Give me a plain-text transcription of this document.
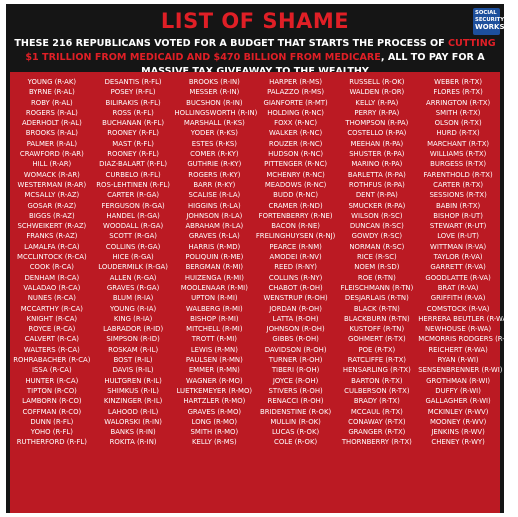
LIST OF SHAME	SOCIAL
SECURITY
WORKS.
THESE 216 REPUBLICANS VOTED FOR A BUDGET THAT STARTS THE PROCESS OF CUTTING $1 TRILLION FROM MEDICAID AND $470 BILLION FROM MEDICARE, ALL TO PAY FOR A
YOUNG (R-AK)
BYRNE (R-AL)
ROBY (R-AL)
ROGERS (R-AL)
ADERHOLT (R-AL)
BROOKS (R-AL)
PALMER (R-AL)
CRAWFORD (R-AR)
HILL (R-AR)
WOMACK (R-AR)
WESTERMAN (R-AR)
MCSALLY (R-AZ)
GOSAR (R-AZ)
BIGGS (R-AZ)
SCHWEIKERT (R-AZ)
FRANKS (R-AZ)
LAMALFA (R-CA)
MCCLINTOCK (R-CA)
COOK (R-CA)
DENHAM (R-CA)
VALADAO (R-CA)
NUNES (R-CA)
MCCARTHY (R-CA)
KNIGHT (R-CA)
ROYCE (R-CA)
CALVERT (R-CA)
WALTERS (R-CA)
ROHRABACHER (R-CA)
ISSA (R-CA)
HUNTER (R-CA)
TIPTON (R-CO)
LAMBORN (R-CO)
COFFMAN (R-CO)
DUNN (R-FL)
YOHO (R-FL)
RUTHERFORD (R-FL)
DESANTIS (R-FL)
POSEY (R-FL)
BILIRAKIS (R-FL)
ROSS (R-FL)
BUCHANAN (R-FL)
ROONEY (R-FL)
MAST (R-FL)
ROONEY (R-FL)
DIAZ-BALART (R-FL)
CURBELO (R-FL)
ROS-LEHTINEN (R-FL)
CARTER (R-GA)
FERGUSON (R-GA)
HANDEL (R-GA)
WOODALL (R-GA)
SCOTT (R-GA)
COLLINS (R-GA)
HICE (R-GA)
LOUDERMILK (R-GA)
ALLEN (R-GA)
GRAVES (R-GA)
BLUM (R-IA)
YOUNG (R-IA)
KING (R-IA)
LABRADOR (R-ID)
SIMPSON (R-ID)
ROSKAM (R-IL)
BOST (R-IL)
DAVIS (R-IL)
HULTGREN (R-IL)
SHIMKUS (R-IL)
KINZINGER (R-IL)
LAHOOD (R-IL)
WALORSKI (R-IN)
BANKS (R-IN)
ROKITA (R-IN)
BROOKS (R-IN)
MESSER (R-IN)
BUCSHON (R-IN)
HOLLINGSWORTH (R-IN)
MARSHALL (R-KS)
YODER (R-KS)
ESTES (R-KS)
COMER (R-KY)
GUTHRIE (R-KY)
ROGERS (R-KY)
BARR (R-KY)
SCALISE (R-LA)
HIGGINS (R-LA)
JOHNSON (R-LA)
ABRAHAM (R-LA)
GRAVES (R-LA)
HARRIS (R-MD)
POLIQUIN (R-ME)
BERGMAN (R-MI)
HUIZENGA (R-MI)
MOOLENAAR (R-MI)
UPTON (R-MI)
WALBERG (R-MI)
BISHOP (R-MI)
MITCHELL (R-MI)
TROTT (R-MI)
LEWIS (R-MN)
PAULSEN (R-MN)
EMMER (R-MN)
WAGNER (R-MO)
LUETKEMEYER (R-MO)
HARTZLER (R-MO)
GRAVES (R-MO)
LONG (R-MO)
SMITH (R-MO)
KELLY (R-MS)
HARPER (R-MS)
PALAZZO (R-MS)
GIANFORTE (R-MT)
HOLDING (R-NC)
FOXX (R-NC)
WALKER (R-NC)
ROUZER (R-NC)
HUDSON (R-NC)
PITTENGER (R-NC)
MCHENRY (R-NC)
MEADOWS (R-NC)
BUDD (R-NC)
CRAMER (R-ND)
FORTENBERRY (R-NE)
BACON (R-NE)
FRELINGHUYSEN (R-NJ)
PEARCE (R-NM)
AMODEI (R-NV)
REED (R-NY)
COLLINS (R-NY)
CHABOT (R-OH)
WENSTRUP (R-OH)
JORDAN (R-OH)
LATTA (R-OH)
JOHNSON (R-OH)
GIBBS (R-OH)
DAVIDSON (R-OH)
TURNER (R-OH)
TIBERI (R-OH)
JOYCE (R-OH)
STIVERS (R-OH)
RENACCI (R-OH)
BRIDENSTINE (R-OK)
MULLIN (R-OK)
LUCAS (R-OK)
COLE (R-OK)
RUSSELL (R-OK)
WALDEN (R-OR)
KELLY (R-PA)
PERRY (R-PA)
THOMPSON (R-PA)
COSTELLO (R-PA)
MEEHAN (R-PA)
SHUSTER (R-PA)
MARINO (R-PA)
BARLETTA (R-PA)
ROTHFUS (R-PA)
DENT (R-PA)
SMUCKER (R-PA)
WILSON (R-SC)
DUNCAN (R-SC)
GOWDY (R-SC)
NORMAN (R-SC)
RICE (R-SC)
NOEM (R-SD)
ROE (R-TN)
FLEISCHMANN (R-TN)
DESJARLAIS (R-TN)
BLACK (R-TN)
BLACKBURN (R-TN)
KUSTOFF (R-TN)
GOHMERT (R-TX)
POE (R-TX)
RATCLIFFE (R-TX)
HENSARLING (R-TX)
BARTON (R-TX)
CULBERSON (R-TX)
BRADY (R-TX)
MCCAUL (R-TX)
CONAWAY (R-TX)
GRANGER (R-TX)
THORNBERRY (R-TX)
WEBER (R-TX)
FLORES (R-TX)
ARRINGTON (R-TX)
SMITH (R-TX)
OLSON (R-TX)
HURD (R-TX)
MARCHANT (R-TX)
WILLIAMS (R-TX)
BURGESS (R-TX)
FARENTHOLD (R-TX)
CARTER (R-TX)
SESSIONS (R-TX)
BABIN (R-TX)
BISHOP (R-UT)
STEWART (R-UT)
LOVE (R-UT)
WITTMAN (R-VA)
TAYLOR (R-VA)
GARRETT (R-VA)
GOODLATTE (R-VA)
BRAT (R-VA)
GRIFFITH (R-VA)
COMSTOCK (R-VA)
HERRERA BEUTLER (R-WA)
NEWHOUSE (R-WA)
MCMORRIS RODGERS (R-WA)
REICHERT (R-WA)
RYAN (R-WI)
SENSENBRENNER (R-WI)
GROTHMAN (R-WI)
DUFFY (R-WI)
GALLAGHER (R-WI)
MCKINLEY (R-WV)
MOONEY (R-WV)
JENKINS (R-WV)
CHENEY (R-WY)
